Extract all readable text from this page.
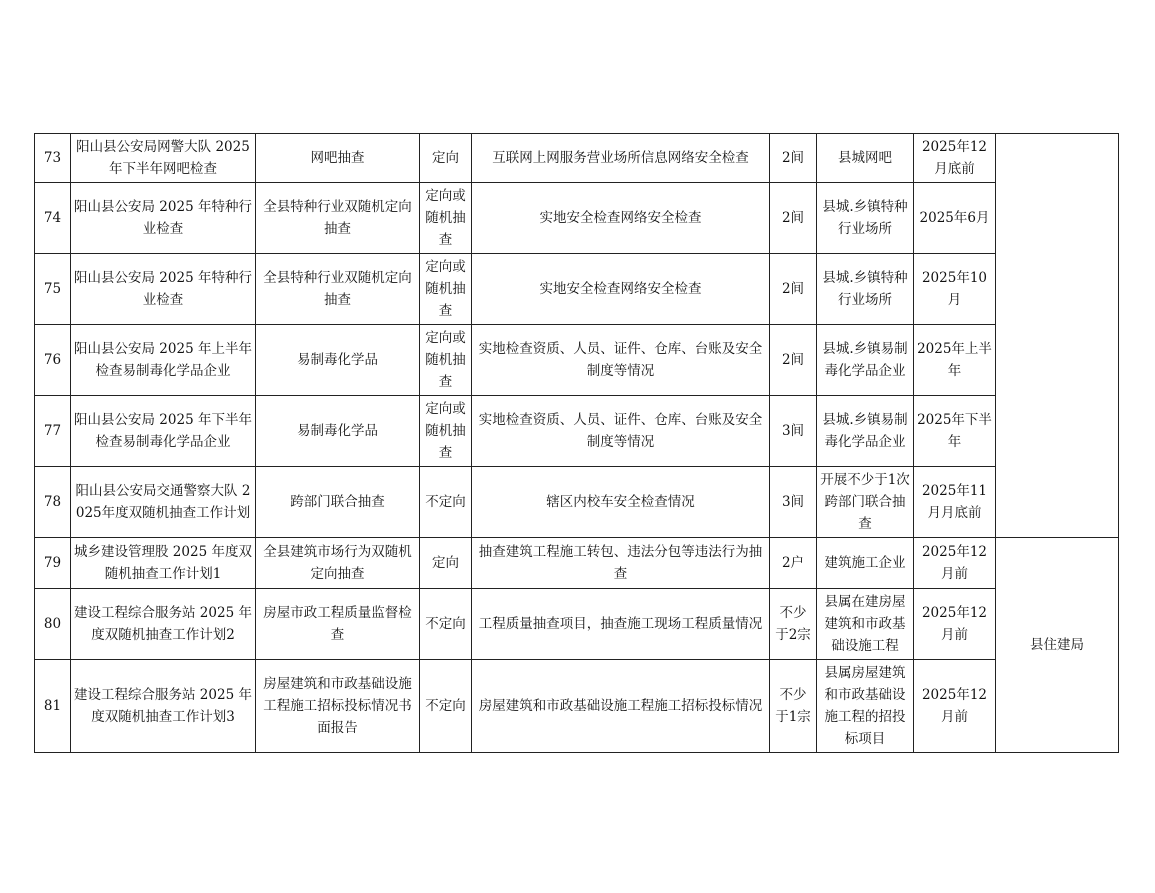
73	阳山县公安局网警大队 2025年下半年网吧检查	网吧抽查	定向	互联网上网服务营业场所信息网络安全检查	2间	县城网吧	2025年12月底前	
74	阳山县公安局 2025 年特种行业检查	全县特种行业双随机定向抽查	定向或随机抽查	实地安全检查网络安全检查	2间	县城.乡镇特种行业场所	2025年6月	
75	阳山县公安局 2025 年特种行业检查	全县特种行业双随机定向抽查	定向或随机抽查	实地安全检查网络安全检查	2间	县城.乡镇特种行业场所	2025年10月	
76	阳山县公安局 2025 年上半年检查易制毒化学品企业	易制毒化学品	定向或随机抽查	实地检查资质、人员、证件、仓库、台账及安全制度等情况	2间	县城.乡镇易制毒化学品企业	2025年上半年	
77	阳山县公安局 2025 年下半年检查易制毒化学品企业	易制毒化学品	定向或随机抽查	实地检查资质、人员、证件、仓库、台账及安全制度等情况	3间	县城.乡镇易制毒化学品企业	2025年下半年	
78	阳山县公安局交通警察大队 2025年度双随机抽查工作计划	跨部门联合抽查	不定向	辖区内校车安全检查情况	3间	开展不少于1次跨部门联合抽查	2025年11月月底前	
79	城乡建设管理股 2025 年度双随机抽查工作计划1	全县建筑市场行为双随机定向抽查	定向	抽查建筑工程施工转包、违法分包等违法行为抽查	2户	建筑施工企业	2025年12月前	县住建局
80	建设工程综合服务站 2025 年度双随机抽查工作计划2	房屋市政工程质量监督检查	不定向	工程质量抽查项目，抽查施工现场工程质量情况	不少于2宗	县属在建房屋建筑和市政基础设施工程	2025年12月前	
81	建设工程综合服务站 2025 年度双随机抽查工作计划3	房屋建筑和市政基础设施工程施工招标投标情况书面报告	不定向	房屋建筑和市政基础设施工程施工招标投标情况	不少于1宗	县属房屋建筑和市政基础设施工程的招投标项目	2025年12月前	
